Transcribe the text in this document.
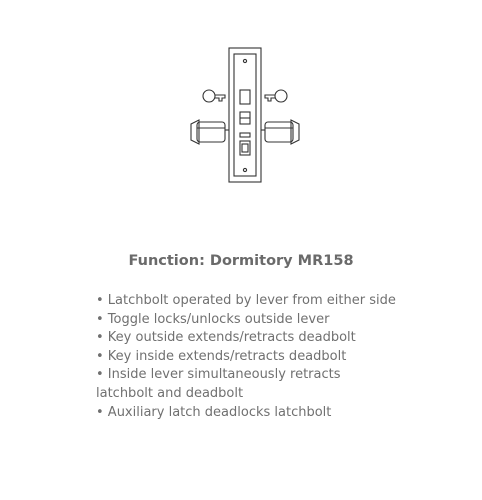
Function: Dormitory MR158
• Latchbolt operated by lever from either side
• Toggle locks/unlocks outside lever
• Key outside extends/retracts deadbolt
• Key inside extends/retracts deadbolt
• Inside lever simultaneously retracts latchbolt and deadbolt
• Auxiliary latch deadlocks latchbolt
